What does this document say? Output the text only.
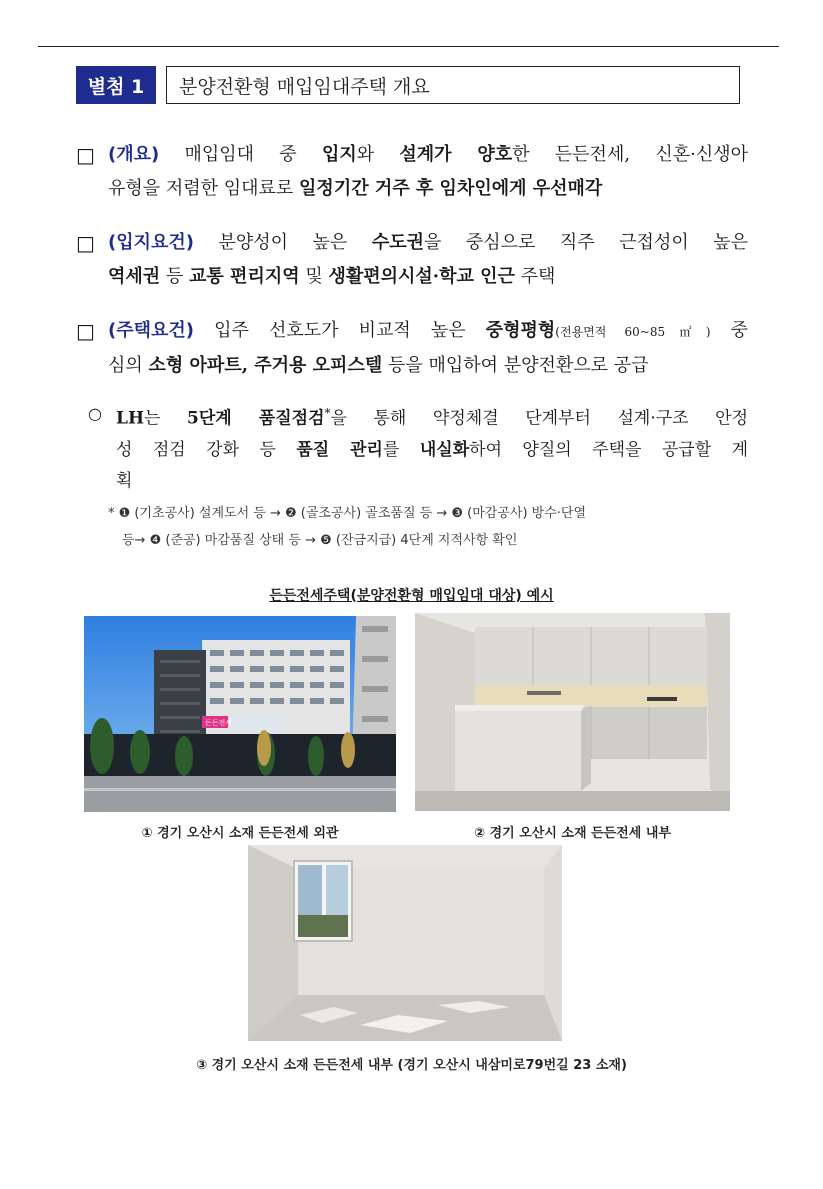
별첨 1	분양전환형 매입임대주택 개요
□ (개요) 매입임대 중 입지와 설계가 양호한 든든전세, 신혼·신생아
유형을 저렴한 임대료로 일정기간 거주 후 임차인에게 우선매각
□ (입지요건) 분양성이 높은 수도권을 중심으로 직주 근접성이 높은
역세권 등 교통 편리지역 및 생활편의시설·학교 인근 주택
□ (주택요건) 입주 선호도가 비교적 높은 중형평형(전용면적 60~85㎡) 중
심의 소형 아파트, 주거용 오피스텔 등을 매입하여 분양전환으로 공급
○ LH는 5단계 품질점검*을 통해 약정체결 단계부터 설계·구조 안정
성 점검 강화 등 품질 관리를 내실화하여 양질의 주택을 공급할 계
획
* ❶ (기초공사) 설계도서 등 → ❷ (골조공사) 골조품질 등 → ❸ (마감공사) 방수·단열
등→ ❹ (준공) 마감품질 상태 등 → ❺ (잔금지급) 4단계 지적사항 확인
든든전세주택(분양전환형 매입임대 대상) 예시
든든전세
① 경기 오산시 소재 든든전세 외관	② 경기 오산시 소재 든든전세 내부
③ 경기 오산시 소재 든든전세 내부 (경기 오산시 내삼미로79번길 23 소재)
